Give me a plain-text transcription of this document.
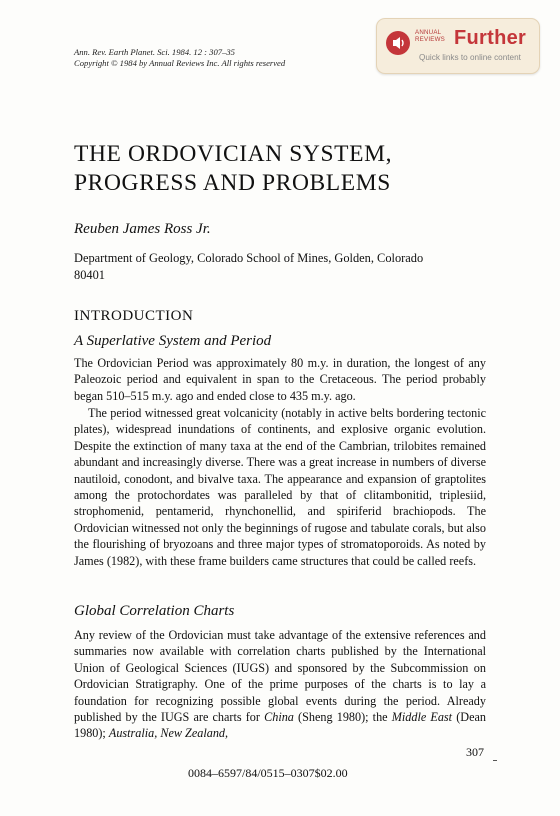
Ann. Rev. Earth Planet. Sci. 1984. 12 : 307–35
Copyright © 1984 by Annual Reviews Inc. All rights reserved
ANNUAL
REVIEWS Further
Quick links to online content
THE ORDOVICIAN SYSTEM,
PROGRESS AND PROBLEMS
Reuben James Ross Jr.
Department of Geology, Colorado School of Mines, Golden, Colorado 80401
INTRODUCTION
A Superlative System and Period

The Ordovician Period was approximately 80 m.y. in duration, the longest of any Paleozoic period and equivalent in span to the Cretaceous. The period probably began 510–515 m.y. ago and ended close to 435 m.y. ago.

The period witnessed great volcanicity (notably in active belts bordering tectonic plates), widespread inundations of continents, and explosive organic evolution. Despite the extinction of many taxa at the end of the Cambrian, trilobites remained abundant and increasingly diverse. There was a great increase in numbers of diverse nautiloid, conodont, and bivalve taxa. The appearance and expansion of graptolites among the protochordates was paralleled by that of clitambonitid, triplesiid, strophomenid, pentamerid, rhynchonellid, and spiriferid brachiopods. The Ordovician witnessed not only the beginnings of rugose and tabulate corals, but also the flourishing of bryozoans and three major types of stromatoporoids. As noted by James (1982), with these frame builders came structures that could be called reefs.

Global Correlation Charts

Any review of the Ordovician must take advantage of the extensive references and summaries now available with correlation charts published by the International Union of Geological Sciences (IUGS) and sponsored by the Subcommission on Ordovician Stratigraphy. One of the prime purposes of the charts is to lay a foundation for recognizing possible global events during the period. Already published by the IUGS are charts for China (Sheng 1980); the Middle East (Dean 1980); Australia, New Zealand,

307
0084–6597/84/0515–0307$02.00
